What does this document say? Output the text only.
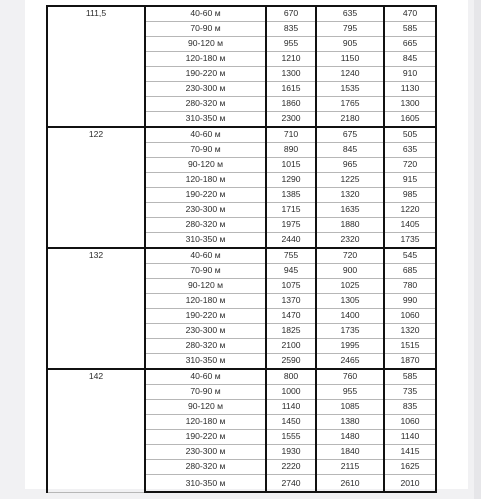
111,5	40-60 м	670	635	470
	70-90 м	835	795	585
	90-120 м	955	905	665
	120-180 м	1210	1150	845
	190-220 м	1300	1240	910
	230-300 м	1615	1535	1130
	280-320 м	1860	1765	1300
	310-350 м	2300	2180	1605

122	40-60 м	710	675	505
	70-90 м	890	845	635
	90-120 м	1015	965	720
	120-180 м	1290	1225	915
	190-220 м	1385	1320	985
	230-300 м	1715	1635	1220
	280-320 м	1975	1880	1405
	310-350 м	2440	2320	1735

132	40-60 м	755	720	545
	70-90 м	945	900	685
	90-120 м	1075	1025	780
	120-180 м	1370	1305	990
	190-220 м	1470	1400	1060
	230-300 м	1825	1735	1320
	280-320 м	2100	1995	1515
	310-350 м	2590	2465	1870

142	40-60 м	800	760	585
	70-90 м	1000	955	735
	90-120 м	1140	1085	835
	120-180 м	1450	1380	1060
	190-220 м	1555	1480	1140
	230-300 м	1930	1840	1415
	280-320 м	2220	2115	1625
	310-350 м	2740	2610	2010
